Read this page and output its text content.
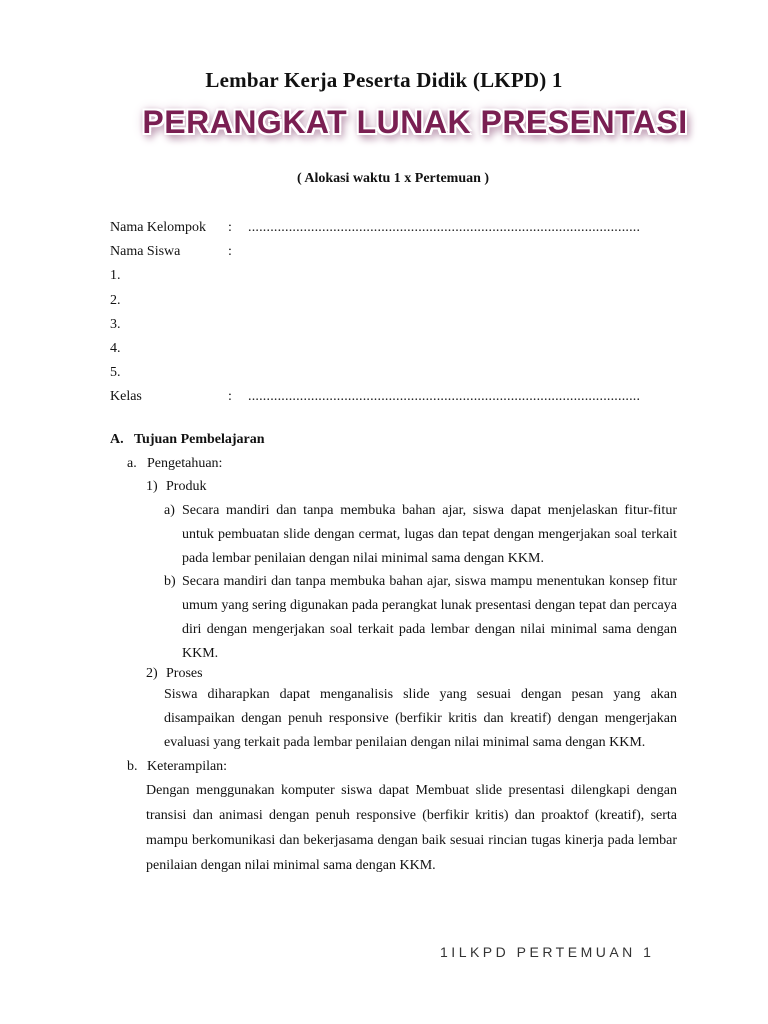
Lembar Kerja Peserta Didik (LKPD) 1
PERANGKAT LUNAK PRESENTASI
( Alokasi waktu 1 x Pertemuan )
Nama Kelompok : ..........................................................................................................
Nama Siswa	:
1.
2.
3.
4.
5.
Kelas	: ..........................................................................................................
A. Tujuan Pembelajaran
a. Pengetahuan:
1) Produk
a) Secara mandiri dan tanpa membuka bahan ajar, siswa dapat menjelaskan fitur-fitur untuk pembuatan slide dengan cermat, lugas dan tepat dengan mengerjakan soal terkait pada lembar penilaian dengan nilai minimal sama dengan KKM.
b) Secara mandiri dan tanpa membuka bahan ajar, siswa mampu menentukan konsep fitur umum yang sering digunakan pada perangkat lunak presentasi dengan tepat dan percaya diri dengan mengerjakan soal terkait pada lembar dengan nilai minimal sama dengan KKM.
2) Proses
Siswa diharapkan dapat menganalisis slide yang sesuai dengan pesan yang akan disampaikan dengan penuh responsive (berfikir kritis dan kreatif) dengan mengerjakan evaluasi yang terkait pada lembar penilaian dengan nilai minimal sama dengan KKM.
b. Keterampilan:
Dengan menggunakan komputer siswa dapat Membuat slide presentasi dilengkapi dengan transisi dan animasi dengan penuh responsive (berfikir kritis) dan proaktof (kreatif), serta mampu berkomunikasi dan bekerjasama dengan baik sesuai rincian tugas kinerja pada lembar penilaian dengan nilai minimal sama dengan KKM.
1ILKPD PERTEMUAN 1
